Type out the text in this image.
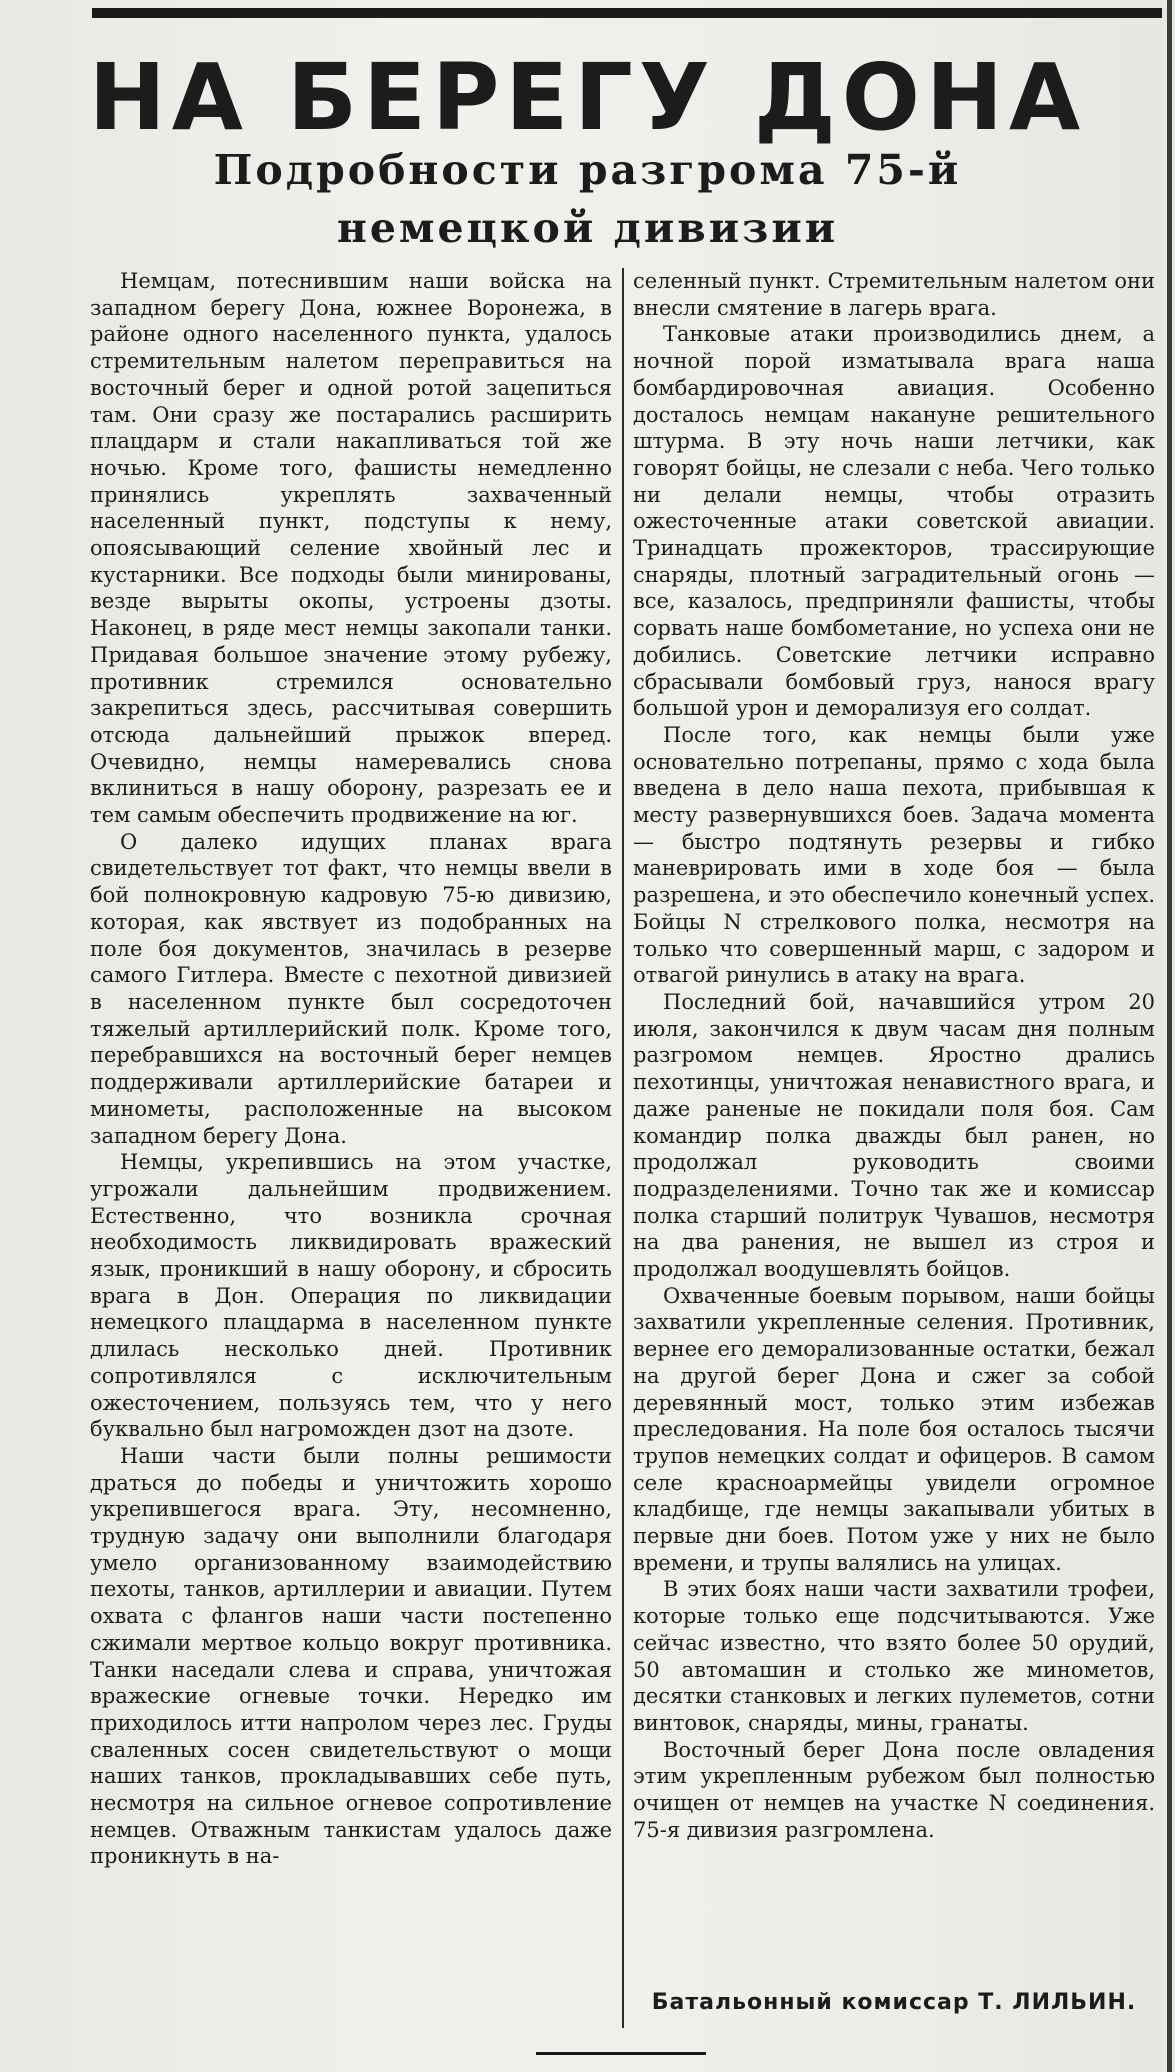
НА БЕРЕГУ ДОНА
Подробности разгрома 75-й
немецкой дивизии

Немцам, потеснившим наши войска на западном берегу Дона, южнее Воронежа, в районе одного населенного пункта, удалось стремительным налетом переправиться на восточный берег и одной ротой зацепиться там. Они сразу же постарались расширить плацдарм и стали накапливаться той же ночью. Кроме того, фашисты немедленно принялись укреплять захваченный населенный пункт, подступы к нему, опоясывающий селение хвойный лес и кустарники. Все подходы были минированы, везде вырыты окопы, устроены дзоты. Наконец, в ряде мест немцы закопали танки. Придавая большое значение этому рубежу, противник стремился основательно закрепиться здесь, рассчитывая совершить отсюда дальнейший прыжок вперед. Очевидно, немцы намеревались снова вклиниться в нашу оборону, разрезать ее и тем самым обеспечить продвижение на юг.

О далеко идущих планах врага свидетельствует тот факт, что немцы ввели в бой полнокровную кадровую 75-ю дивизию, которая, как явствует из подобранных на поле боя документов, значилась в резерве самого Гитлера. Вместе с пехотной дивизией в населенном пункте был сосредоточен тяжелый артиллерийский полк. Кроме того, перебравшихся на восточный берег немцев поддерживали артиллерийские батареи и минометы, расположенные на высоком западном берегу Дона.

Немцы, укрепившись на этом участке, угрожали дальнейшим продвижением. Естественно, что возникла срочная необходимость ликвидировать вражеский язык, проникший в нашу оборону, и сбросить врага в Дон. Операция по ликвидации немецкого плацдарма в населенном пункте длилась несколько дней. Противник сопротивлялся с исключительным ожесточением, пользуясь тем, что у него буквально был нагроможден дзот на дзоте.

Наши части были полны решимости драться до победы и уничтожить хорошо укрепившегося врага. Эту, несомненно, трудную задачу они выполнили благодаря умело организованному взаимодействию пехоты, танков, артиллерии и авиации. Путем охвата с флангов наши части постепенно сжимали мертвое кольцо вокруг противника. Танки наседали слева и справа, уничтожая вражеские огневые точки. Нередко им приходилось итти напролом через лес. Груды сваленных сосен свидетельствуют о мощи наших танков, прокладывавших себе путь, несмотря на сильное огневое сопротивление немцев. Отважным танкистам удалось даже проникнуть в на-

селенный пункт. Стремительным налетом они внесли смятение в лагерь врага.

Танковые атаки производились днем, а ночной порой изматывала врага наша бомбардировочная авиация. Особенно досталось немцам накануне решительного штурма. В эту ночь наши летчики, как говорят бойцы, не слезали с неба. Чего только ни делали немцы, чтобы отразить ожесточенные атаки советской авиации. Тринадцать прожекторов, трассирующие снаряды, плотный заградительный огонь — все, казалось, предприняли фашисты, чтобы сорвать наше бомбометание, но успеха они не добились. Советские летчики исправно сбрасывали бомбовый груз, нанося врагу большой урон и деморализуя его солдат.

После того, как немцы были уже основательно потрепаны, прямо с хода была введена в дело наша пехота, прибывшая к месту развернувшихся боев. Задача момента — быстро подтянуть резервы и гибко маневрировать ими в ходе боя — была разрешена, и это обеспечило конечный успех. Бойцы N стрелкового полка, несмотря на только что совершенный марш, с задором и отвагой ринулись в атаку на врага.

Последний бой, начавшийся утром 20 июля, закончился к двум часам дня полным разгромом немцев. Яростно дрались пехотинцы, уничтожая ненавистного врага, и даже раненые не покидали поля боя. Сам командир полка дважды был ранен, но продолжал руководить своими подразделениями. Точно так же и комиссар полка старший политрук Чувашов, несмотря на два ранения, не вышел из строя и продолжал воодушевлять бойцов.

Охваченные боевым порывом, наши бойцы захватили укрепленные селения. Противник, вернее его деморализованные остатки, бежал на другой берег Дона и сжег за собой деревянный мост, только этим избежав преследования. На поле боя осталось тысячи трупов немецких солдат и офицеров. В самом селе красноармейцы увидели огромное кладбище, где немцы закапывали убитых в первые дни боев. Потом уже у них не было времени, и трупы валялись на улицах.

В этих боях наши части захватили трофеи, которые только еще подсчитываются. Уже сейчас известно, что взято более 50 орудий, 50 автомашин и столько же минометов, десятки станковых и легких пулеметов, сотни винтовок, снаряды, мины, гранаты.

Восточный берег Дона после овладения этим укрепленным рубежом был полностью очищен от немцев на участке N соединения. 75-я дивизия разгромлена.

Батальонный комиссар Т. ЛИЛЬИН.
